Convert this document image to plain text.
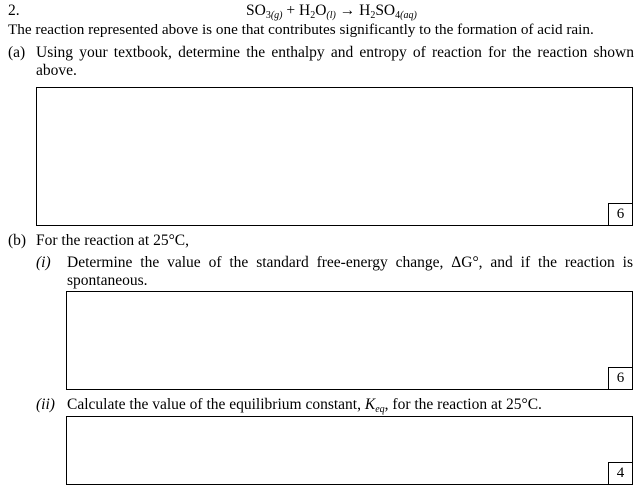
2.	$SO_{3(g)} + H_2O_{(l)} \to H_2SO_{4(aq)}$
The reaction represented above is one that contributes significantly to the formation of acid rain.
(a) Using your textbook, determine the enthalpy and entropy of reaction for the reaction shown above.
6
(b) For the reaction at 25°C,
(i) Determine the value of the standard free-energy change, ΔG°, and if the reaction is spontaneous.
6
(ii) Calculate the value of the equilibrium constant, $K_{eq}$, for the reaction at 25°C.
4
